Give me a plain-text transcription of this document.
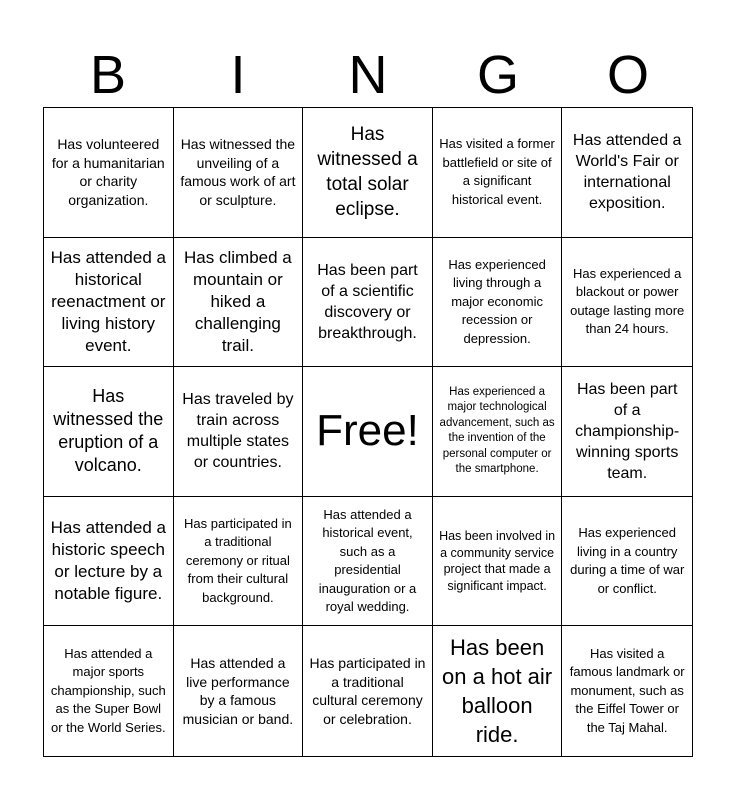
B	I	N	G	O
Has volunteered for a humanitarian or charity organization.
Has witnessed the unveiling of a famous work of art or sculpture.
Has witnessed a total solar eclipse.
Has visited a former battlefield or site of a significant historical event.
Has attended a World's Fair or international exposition.
Has attended a historical reenactment or living history event.
Has climbed a mountain or hiked a challenging trail.
Has been part of a scientific discovery or breakthrough.
Has experienced living through a major economic recession or depression.
Has experienced a blackout or power outage lasting more than 24 hours.
Has witnessed the eruption of a volcano.
Has traveled by train across multiple states or countries.
Free!
Has experienced a major technological advancement, such as the invention of the personal computer or the smartphone.
Has been part of a championship-winning sports team.
Has attended a historic speech or lecture by a notable figure.
Has participated in a traditional ceremony or ritual from their cultural background.
Has attended a historical event, such as a presidential inauguration or a royal wedding.
Has been involved in a community service project that made a significant impact.
Has experienced living in a country during a time of war or conflict.
Has attended a major sports championship, such as the Super Bowl or the World Series.
Has attended a live performance by a famous musician or band.
Has participated in a traditional cultural ceremony or celebration.
Has been on a hot air balloon ride.
Has visited a famous landmark or monument, such as the Eiffel Tower or the Taj Mahal.
